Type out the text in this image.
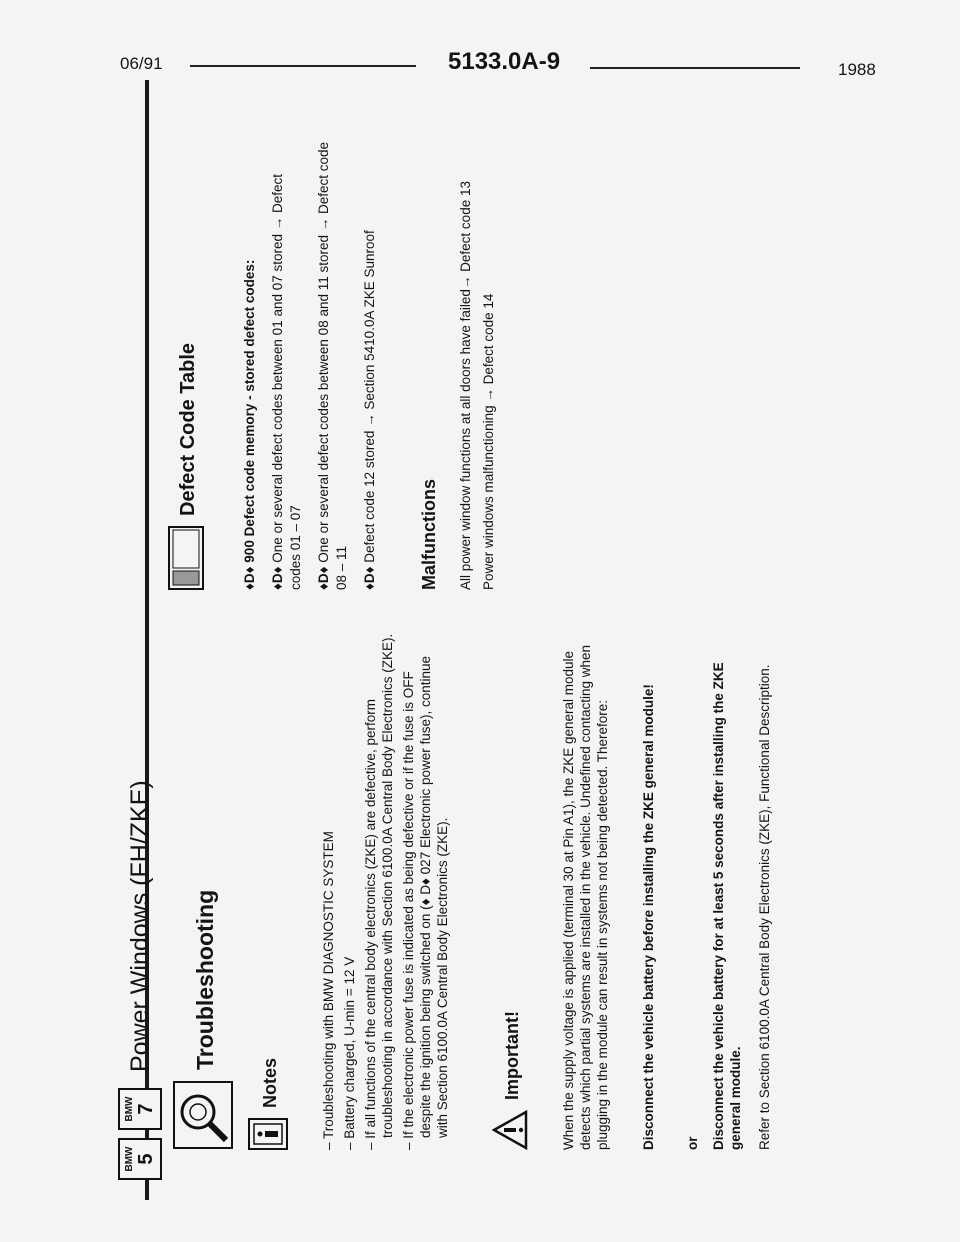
06/91	5133.0A-9	1988
BMW 5
BMW 7
Power Windows (FH/ZKE) Troubleshooting
Notes	– Troubleshooting with BMW DIAGNOSTIC SYSTEM – Battery charged, U-min = 12 V – If all functions of the central body electronics (ZKE) are defective, perform troubleshooting in accordance with Section 6100.0A Central Body Electronics (ZKE). – If the electronic power fuse is indicated as being defective or if the fuse is OFF despite the ignition being switched on (♦ D♦ 027 Electronic power fuse), continue with Section 6100.0A Central Body Electronics (ZKE).	Important!	When the supply voltage is applied (terminal 30 at Pin A1), the ZKE general module detects which partial systems are installed in the vehicle. Undefined contacting when plugging in the module can result in systems not being detected. Therefore: Disconnect the vehicle battery before installing the ZKE general module! or Disconnect the vehicle battery for at least 5 seconds after installing the ZKE general module. Refer to Section 6100.0A Central Body Electronics (ZKE), Functional Description.

Defect Code Table
♦D♦ 900 Defect code memory - stored defect codes:
♦D♦ One or several defect codes between 01 and 07 stored → Defect codes 01 – 07 ♦D♦ One or several defect codes between 08 and 11 stored → Defect code 08 – 11 ♦D♦ Defect code 12 stored → Section 5410.0A ZKE Sunroof Malfunctions All power window functions at all doors have failed→ Defect code 13 Power windows malfunctioning → Defect code 14
